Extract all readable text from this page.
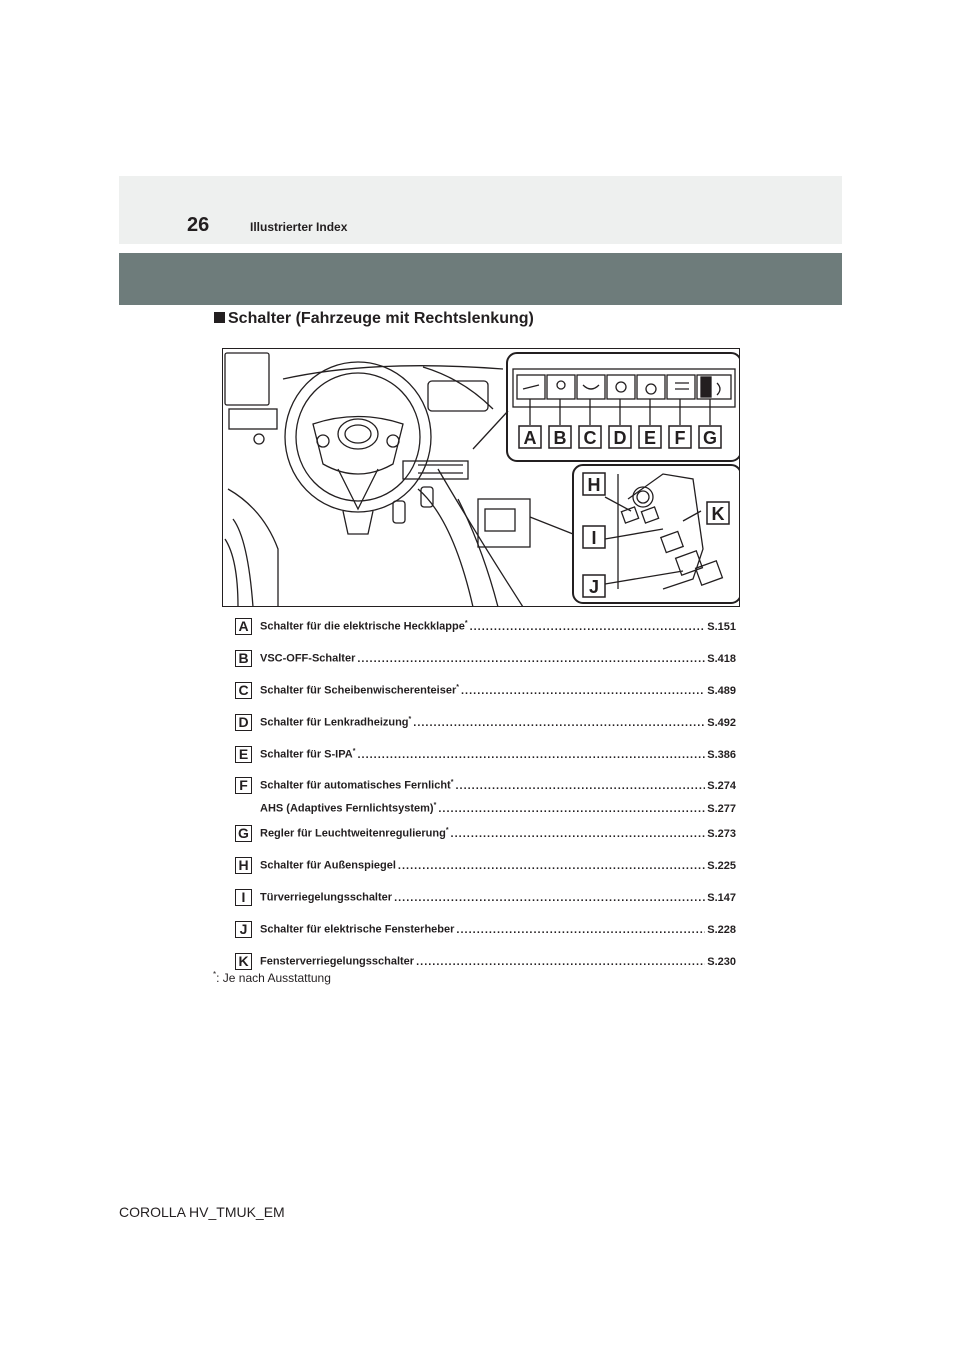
26	Illustrierter Index
Schalter (Fahrzeuge mit Rechtslenkung)
A B C D E F G
H
K
I
J
A	Schalter für die elektrische Heckklappe* .....	S.151
B	VSC-OFF-Schalter .....	S.418
C	Schalter für Scheibenwischerenteiser* .....	S.489
D	Schalter für Lenkradheizung* .....	S.492
E	Schalter für S-IPA* .....	S.386
F	Schalter für automatisches Fernlicht* .....	S.274
AHS (Adaptives Fernlichtsystem)* .....	S.277
G Regler für Leuchtweitenregulierung* .....	S.273
H	Schalter für Außenspiegel .....	S.225
I	Türverriegelungsschalter .....	S.147
J	Schalter für elektrische Fensterheber .....	S.228
K	Fensterverriegelungsschalter .....	S.230
*: Je nach Ausstattung
COROLLA HV_TMUK_EM
